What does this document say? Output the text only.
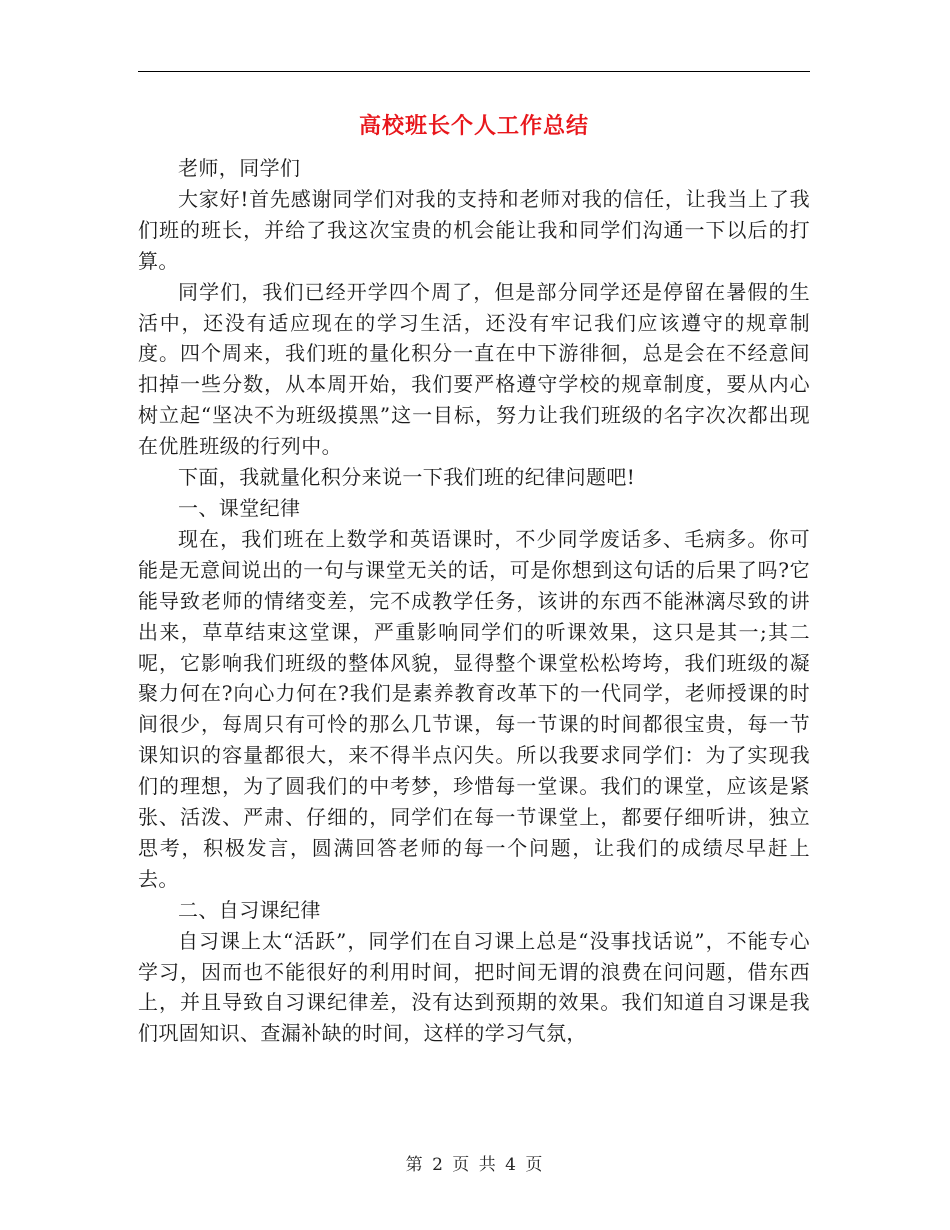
高校班长个人工作总结

老师，同学们

大家好!首先感谢同学们对我的支持和老师对我的信任，让我当上了我们班的班长，并给了我这次宝贵的机会能让我和同学们沟通一下以后的打算。

同学们，我们已经开学四个周了，但是部分同学还是停留在暑假的生活中，还没有适应现在的学习生活，还没有牢记我们应该遵守的规章制度。四个周来，我们班的量化积分一直在中下游徘徊，总是会在不经意间扣掉一些分数，从本周开始，我们要严格遵守学校的规章制度，要从内心树立起“坚决不为班级摸黑”这一目标，努力让我们班级的名字次次都出现在优胜班级的行列中。

下面，我就量化积分来说一下我们班的纪律问题吧!

一、课堂纪律

现在，我们班在上数学和英语课时，不少同学废话多、毛病多。你可能是无意间说出的一句与课堂无关的话，可是你想到这句话的后果了吗?它能导致老师的情绪变差，完不成教学任务，该讲的东西不能淋漓尽致的讲出来，草草结束这堂课，严重影响同学们的听课效果，这只是其一;其二呢，它影响我们班级的整体风貌，显得整个课堂松松垮垮，我们班级的凝聚力何在?向心力何在?我们是素养教育改革下的一代同学，老师授课的时间很少，每周只有可怜的那么几节课，每一节课的时间都很宝贵，每一节课知识的容量都很大，来不得半点闪失。所以我要求同学们：为了实现我们的理想，为了圆我们的中考梦，珍惜每一堂课。我们的课堂，应该是紧张、活泼、严肃、仔细的，同学们在每一节课堂上，都要仔细听讲，独立思考，积极发言，圆满回答老师的每一个问题，让我们的成绩尽早赶上去。

二、自习课纪律

自习课上太“活跃”，同学们在自习课上总是“没事找话说”，不能专心学习，因而也不能很好的利用时间，把时间无谓的浪费在问问题，借东西上，并且导致自习课纪律差，没有达到预期的效果。我们知道自习课是我们巩固知识、查漏补缺的时间，这样的学习气氛，

第 2 页 共 4 页
